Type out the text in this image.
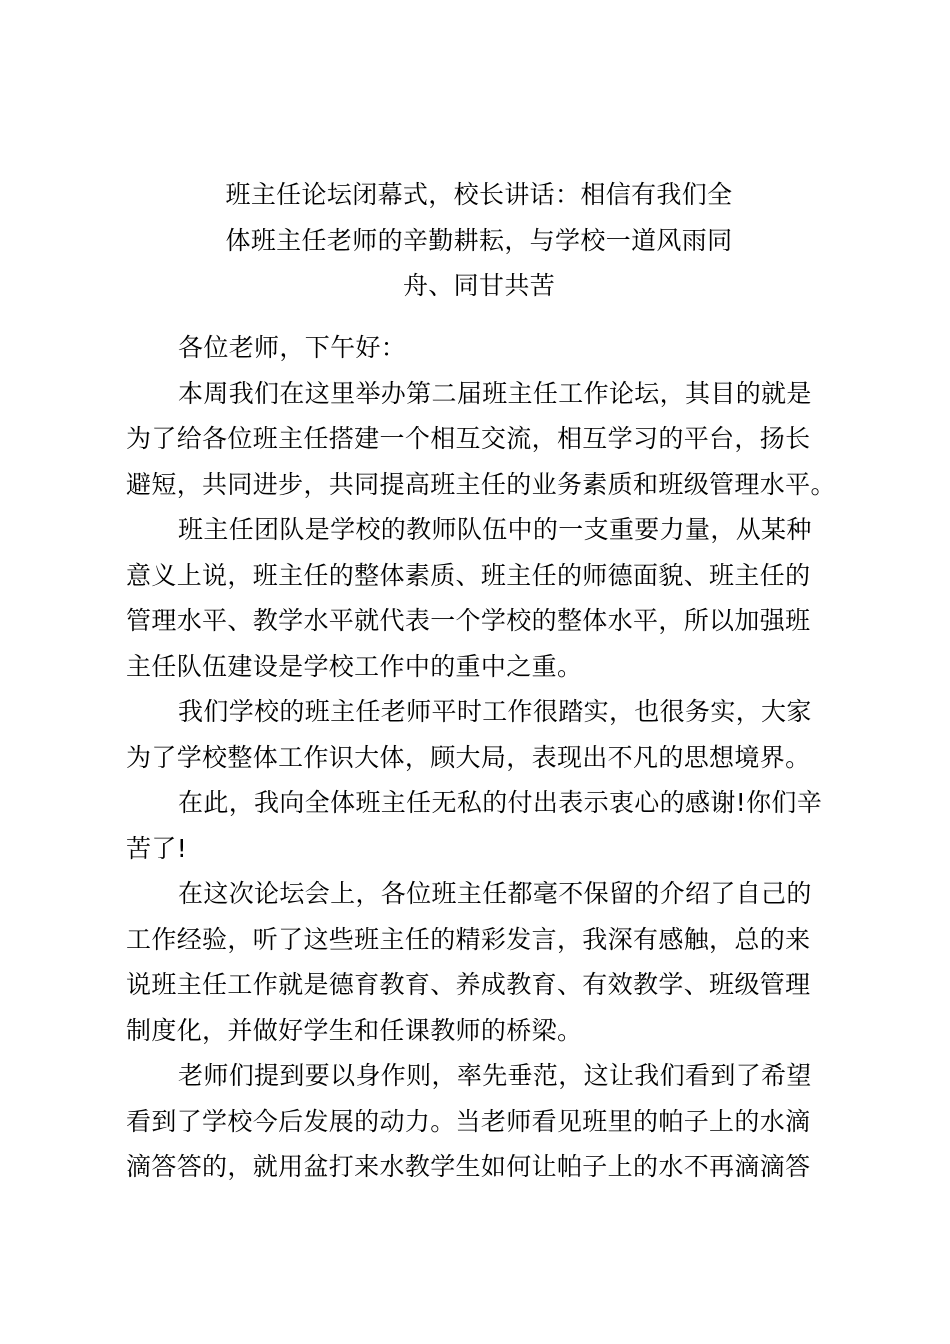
班主任论坛闭幕式，校长讲话：相信有我们全
体班主任老师的辛勤耕耘，与学校一道风雨同
舟、同甘共苦
各位老师，下午好：
本周我们在这里举办第二届班主任工作论坛，其目的就是
为了给各位班主任搭建一个相互交流，相互学习的平台，扬长
避短，共同进步，共同提高班主任的业务素质和班级管理水平。
班主任团队是学校的教师队伍中的一支重要力量，从某种
意义上说，班主任的整体素质、班主任的师德面貌、班主任的
管理水平、教学水平就代表一个学校的整体水平，所以加强班
主任队伍建设是学校工作中的重中之重。
我们学校的班主任老师平时工作很踏实，也很务实，大家
为了学校整体工作识大体，顾大局，表现出不凡的思想境界。
在此，我向全体班主任无私的付出表示衷心的感谢!你们辛
苦了!
在这次论坛会上，各位班主任都毫不保留的介绍了自己的
工作经验，听了这些班主任的精彩发言，我深有感触，总的来
说班主任工作就是德育教育、养成教育、有效教学、班级管理
制度化，并做好学生和任课教师的桥梁。
老师们提到要以身作则，率先垂范，这让我们看到了希望
看到了学校今后发展的动力。当老师看见班里的帕子上的水滴
滴答答的，就用盆打来水教学生如何让帕子上的水不再滴滴答
